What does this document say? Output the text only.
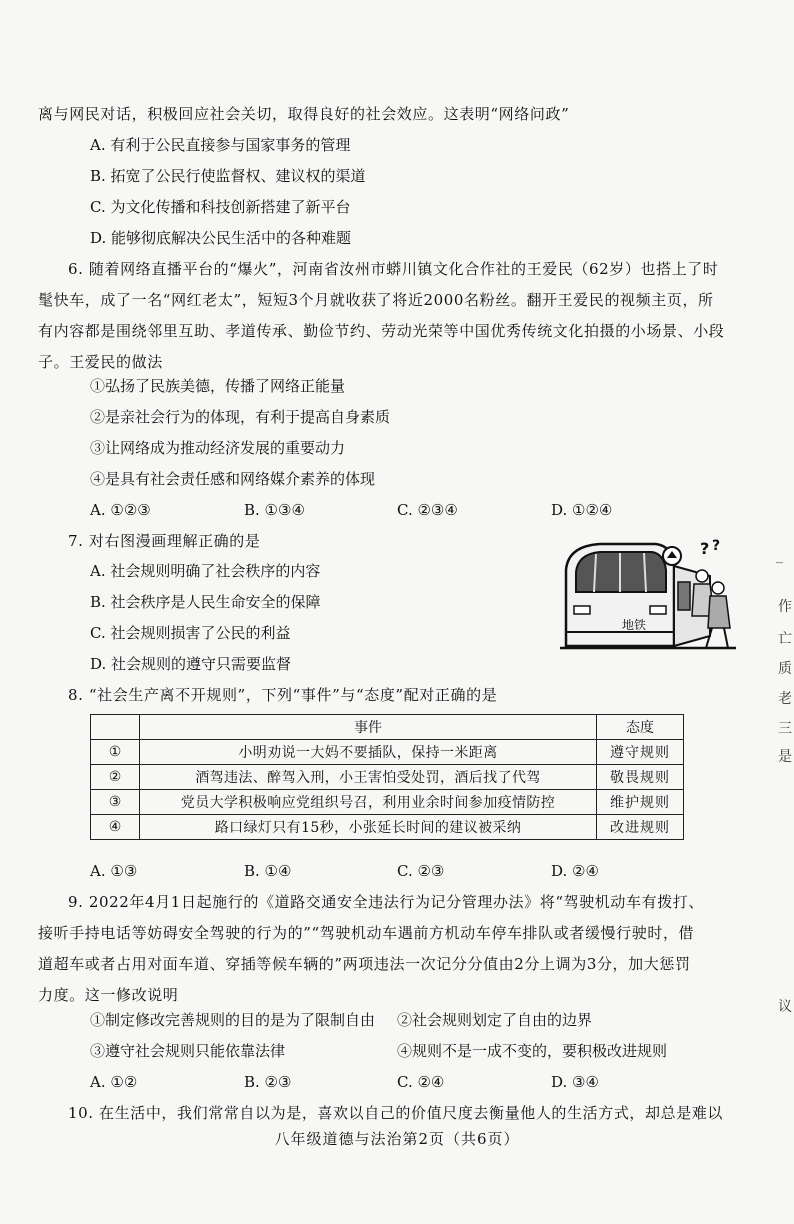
离与网民对话，积极回应社会关切，取得良好的社会效应。这表明“网络问政”
A. 有利于公民直接参与国家事务的管理
B. 拓宽了公民行使监督权、建议权的渠道
C. 为文化传播和科技创新搭建了新平台
D. 能够彻底解决公民生活中的各种难题
6. 随着网络直播平台的“爆火”，河南省汝州市蟒川镇文化合作社的王爱民（62岁）也搭上了时
髦快车，成了一名“网红老太”，短短3个月就收获了将近2000名粉丝。翻开王爱民的视频主页，所
有内容都是围绕邻里互助、孝道传承、勤俭节约、劳动光荣等中国优秀传统文化拍摄的小场景、小段
子。王爱民的做法
①弘扬了民族美德，传播了网络正能量
②是亲社会行为的体现，有利于提高自身素质
③让网络成为推动经济发展的重要动力
④是具有社会责任感和网络媒介素养的体现
A. ①②③	B. ①③④	C. ②③④	D. ①②④
7. 对右图漫画理解正确的是
A. 社会规则明确了社会秩序的内容
B. 社会秩序是人民生命安全的保障
C. 社会规则损害了公民的利益
D. 社会规则的遵守只需要监督
? ?
地铁
8. “社会生产离不开规则”，下列“事件”与“态度”配对正确的是
	事件	态度
①	小明劝说一大妈不要插队，保持一米距离	遵守规则
②	酒驾违法、醉驾入刑，小王害怕受处罚，酒后找了代驾	敬畏规则
③	党员大学积极响应党组织号召，利用业余时间参加疫情防控	维护规则
④	路口绿灯只有15秒，小张延长时间的建议被采纳	改进规则
A. ①③	B. ①④	C. ②③	D. ②④
9. 2022年4月1日起施行的《道路交通安全违法行为记分管理办法》将“驾驶机动车有拨打、
接听手持电话等妨碍安全驾驶的行为的”“驾驶机动车遇前方机动车停车排队或者缓慢行驶时，借
道超车或者占用对面车道、穿插等候车辆的”两项违法一次记分分值由2分上调为3分，加大惩罚
力度。这一修改说明
①制定修改完善规则的目的是为了限制自由 ②社会规则划定了自由的边界
③遵守社会规则只能依靠法律	④规则不是一成不变的，要积极改进规则
A. ①②	B. ②③	C. ②④	D. ③④
10. 在生活中，我们常常自以为是，喜欢以自己的价值尺度去衡量他人的生活方式，却总是难以
八年级道德与法治第2页（共6页）
_
作
亡
质
老
三
是
议
